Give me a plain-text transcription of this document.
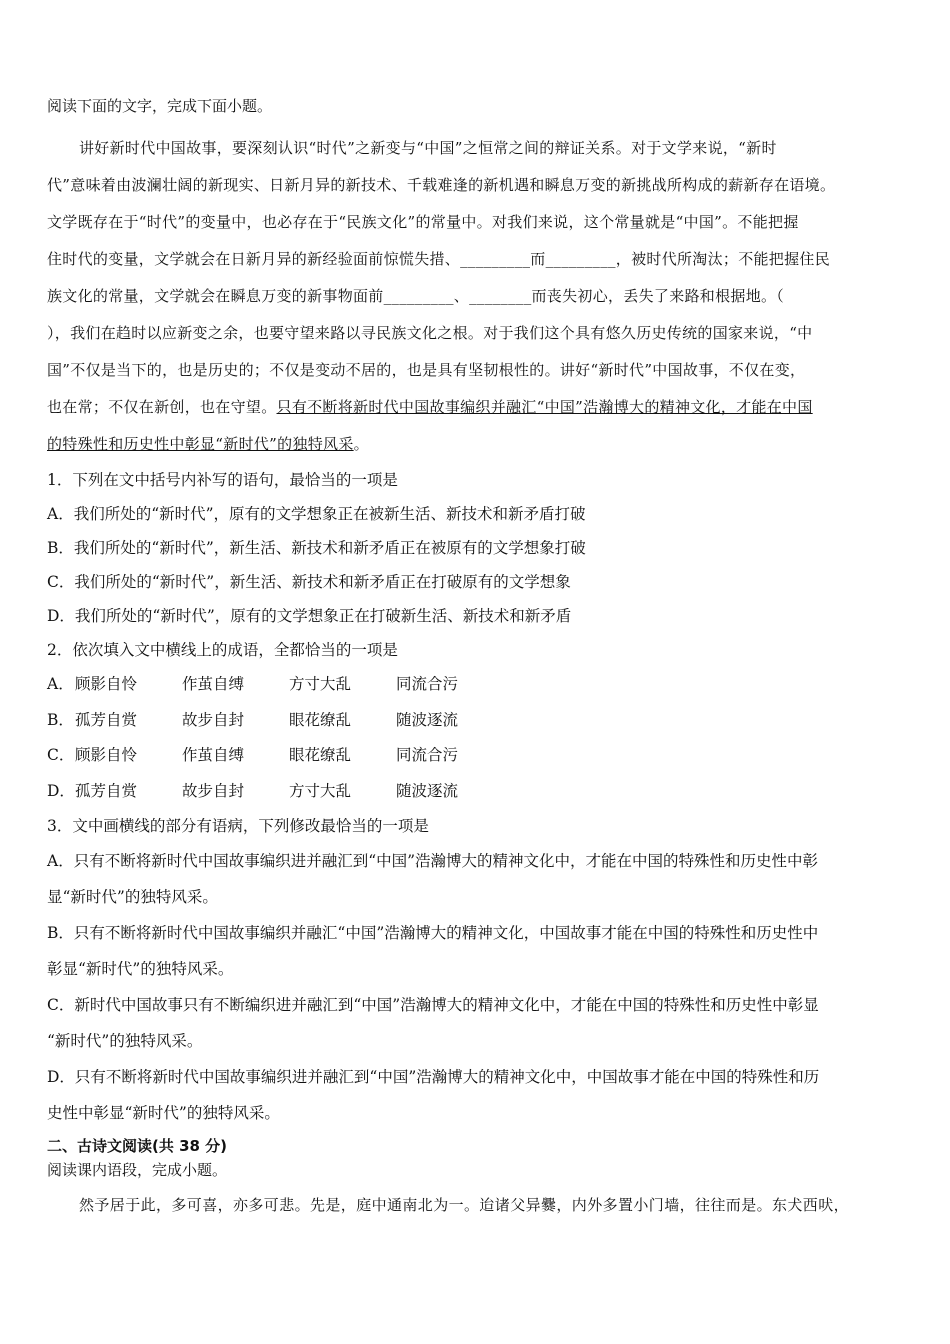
阅读下面的文字，完成下面小题。

讲好新时代中国故事，要深刻认识“时代”之新变与“中国”之恒常之间的辩证关系。对于文学来说，“新时

代”意味着由波澜壮阔的新现实、日新月异的新技术、千载难逢的新机遇和瞬息万变的新挑战所构成的薪新存在语境。

文学既存在于“时代”的变量中，也必存在于“民族文化”的常量中。对我们来说，这个常量就是“中国”。不能把握

住时代的变量，文学就会在日新月异的新经验面前惊慌失措、_________而_________，被时代所淘汰；不能把握住民

族文化的常量，文学就会在瞬息万变的新事物面前_________、________而丧失初心，丢失了来路和根据地。（

），我们在趋时以应新变之余，也要守望来路以寻民族文化之根。对于我们这个具有悠久历史传统的国家来说，“中

国”不仅是当下的，也是历史的；不仅是变动不居的，也是具有坚韧根性的。讲好“新时代”中国故事，不仅在变，

也在常；不仅在新创，也在守望。只有不断将新时代中国故事编织并融汇“中国”浩瀚博大的精神文化，才能在中国

的特殊性和历史性中彰显“新时代”的独特风采。

1．下列在文中括号内补写的语句，最恰当的一项是

A．我们所处的“新时代”，原有的文学想象正在被新生活、新技术和新矛盾打破

B．我们所处的“新时代”，新生活、新技术和新矛盾正在被原有的文学想象打破

C．我们所处的“新时代”，新生活、新技术和新矛盾正在打破原有的文学想象

D．我们所处的“新时代”，原有的文学想象正在打破新生活、新技术和新矛盾

2．依次填入文中横线上的成语，全都恰当的一项是

A． 顾影自怜	作茧自缚	方寸大乱	同流合污
B． 孤芳自赏	故步自封	眼花缭乱	随波逐流
C． 顾影自怜	作茧自缚	眼花缭乱	同流合污
D． 孤芳自赏	故步自封	方寸大乱	随波逐流

3．文中画横线的部分有语病，下列修改最恰当的一项是

A．只有不断将新时代中国故事编织进并融汇到“中国”浩瀚博大的精神文化中，才能在中国的特殊性和历史性中彰

显“新时代”的独特风采。

B．只有不断将新时代中国故事编织并融汇“中国”浩瀚博大的精神文化，中国故事才能在中国的特殊性和历史性中

彰显“新时代”的独特风采。

C．新时代中国故事只有不断编织进并融汇到“中国”浩瀚博大的精神文化中，才能在中国的特殊性和历史性中彰显

“新时代”的独特风采。

D．只有不断将新时代中国故事编织进并融汇到“中国”浩瀚博大的精神文化中，中国故事才能在中国的特殊性和历

史性中彰显“新时代”的独特风采。

二、古诗文阅读(共 38 分)

阅读课内语段，完成小题。

然予居于此，多可喜，亦多可悲。先是，庭中通南北为一。迨诸父异爨，内外多置小门墙，往往而是。东犬西吠，
